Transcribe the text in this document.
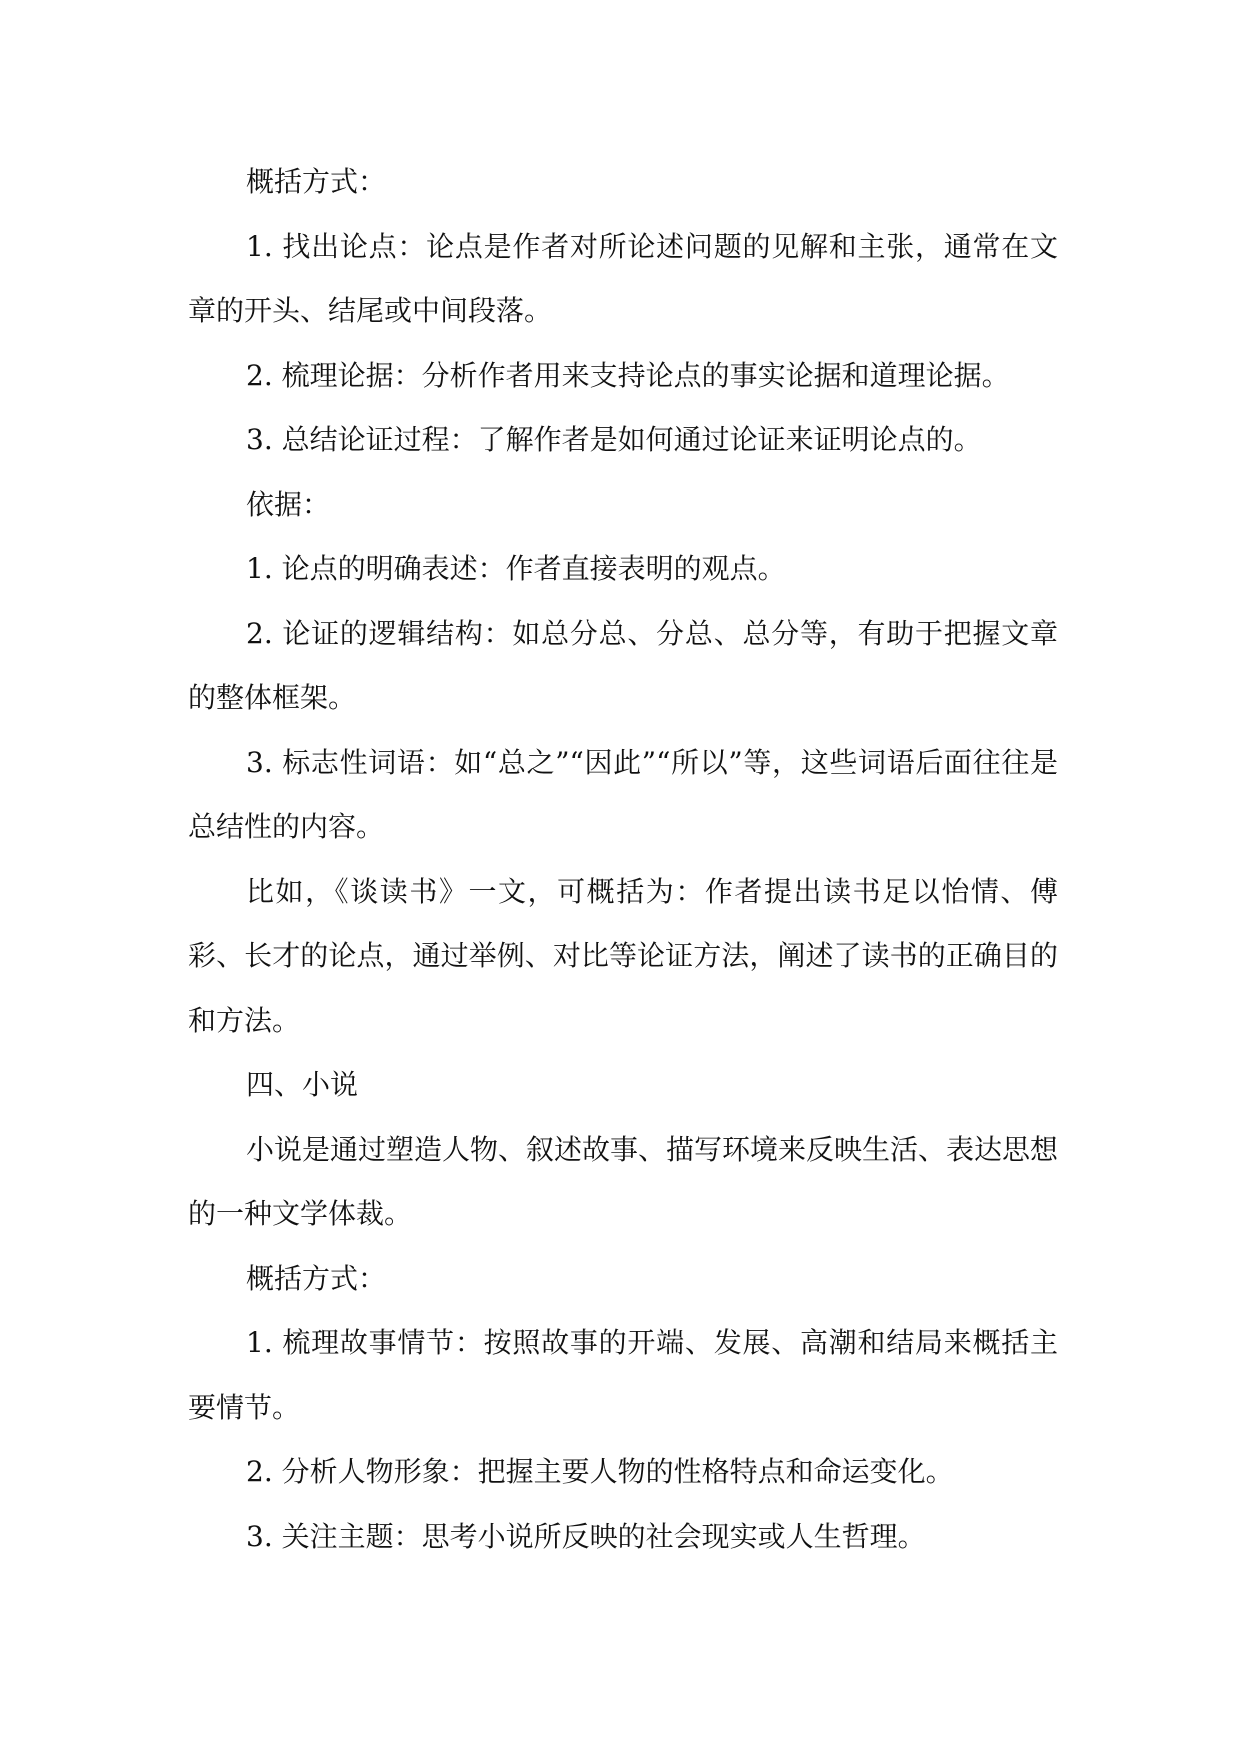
概括方式：

1. 找出论点：论点是作者对所论述问题的见解和主张，通常在文章的开头、结尾或中间段落。

2. 梳理论据：分析作者用来支持论点的事实论据和道理论据。

3. 总结论证过程：了解作者是如何通过论证来证明论点的。

依据：

1. 论点的明确表述：作者直接表明的观点。

2. 论证的逻辑结构：如总分总、分总、总分等，有助于把握文章的整体框架。

3. 标志性词语：如“总之”“因此”“所以”等，这些词语后面往往是总结性的内容。

比如，《谈读书》一文，可概括为：作者提出读书足以怡情、傅彩、长才的论点，通过举例、对比等论证方法，阐述了读书的正确目的和方法。

四、小说

小说是通过塑造人物、叙述故事、描写环境来反映生活、表达思想的一种文学体裁。

概括方式：

1. 梳理故事情节：按照故事的开端、发展、高潮和结局来概括主要情节。

2. 分析人物形象：把握主要人物的性格特点和命运变化。

3. 关注主题：思考小说所反映的社会现实或人生哲理。
